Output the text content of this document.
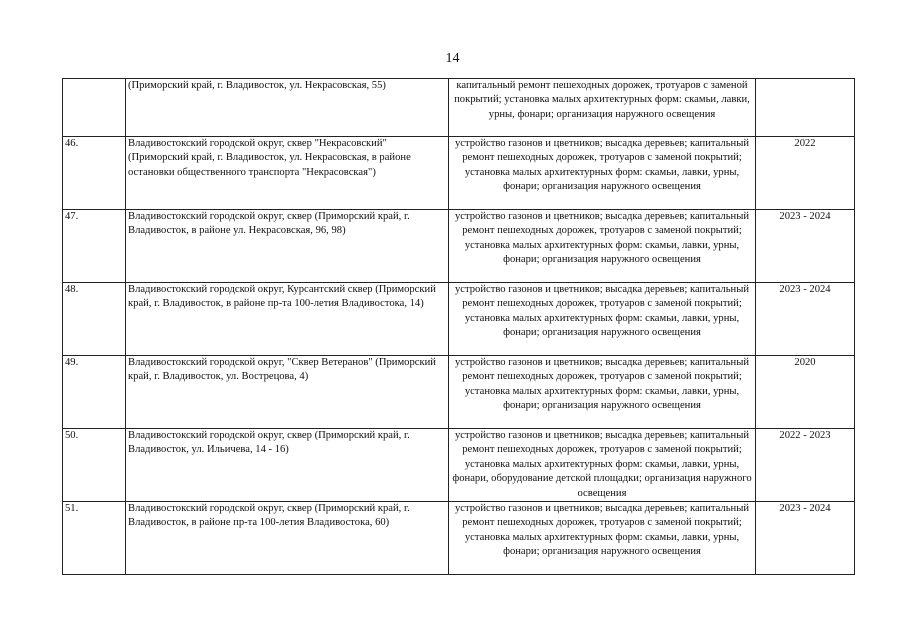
14
	(Приморский край, г. Владивосток, ул. Некрасовская, 55)	капитальный ремонт пешеходных дорожек, тротуаров с заменой покрытий; установка малых архитектурных форм: скамьи, лавки, урны, фонари; организация наружного освещения	
46.	Владивостокский городской округ, сквер "Некрасовский" (Приморский край, г. Владивосток, ул. Некрасовская, в районе остановки общественного транспорта "Некрасовская")	устройство газонов и цветников; высадка деревьев; капитальный ремонт пешеходных дорожек, тротуаров с заменой покрытий; установка малых архитектурных форм: скамьи, лавки, урны, фонари; организация наружного освещения	2022
47.	Владивостокский городской округ, сквер (Приморский край, г. Владивосток, в районе ул. Некрасовская, 96, 98)	устройство газонов и цветников; высадка деревьев; капитальный ремонт пешеходных дорожек, тротуаров с заменой покрытий; установка малых архитектурных форм: скамьи, лавки, урны, фонари; организация наружного освещения	2023 - 2024
48.	Владивостокский городской округ, Курсантский сквер (Приморский край, г. Владивосток, в районе пр-та 100-летия Владивостока, 14)	устройство газонов и цветников; высадка деревьев; капитальный ремонт пешеходных дорожек, тротуаров с заменой покрытий; установка малых архитектурных форм: скамьи, лавки, урны, фонари; организация наружного освещения	2023 - 2024
49.	Владивостокский городской округ, "Сквер Ветеранов" (Приморский край, г. Владивосток, ул. Вострецова, 4)	устройство газонов и цветников; высадка деревьев; капитальный ремонт пешеходных дорожек, тротуаров с заменой покрытий; установка малых архитектурных форм: скамьи, лавки, урны, фонари; организация наружного освещения	2020
50.	Владивостокский городской округ, сквер (Приморский край, г. Владивосток, ул. Ильичева, 14 - 16)	устройство газонов и цветников; высадка деревьев; капитальный ремонт пешеходных дорожек, тротуаров с заменой покрытий; установка малых архитектурных форм: скамьи, лавки, урны, фонари, оборудование детской площадки; организация наружного освещения	2022 - 2023
51.	Владивостокский городской округ, сквер (Приморский край, г. Владивосток, в районе пр-та 100-летия Владивостока, 60)	устройство газонов и цветников; высадка деревьев; капитальный ремонт пешеходных дорожек, тротуаров с заменой покрытий; установка малых архитектурных форм: скамьи, лавки, урны, фонари; организация наружного освещения	2023 - 2024
